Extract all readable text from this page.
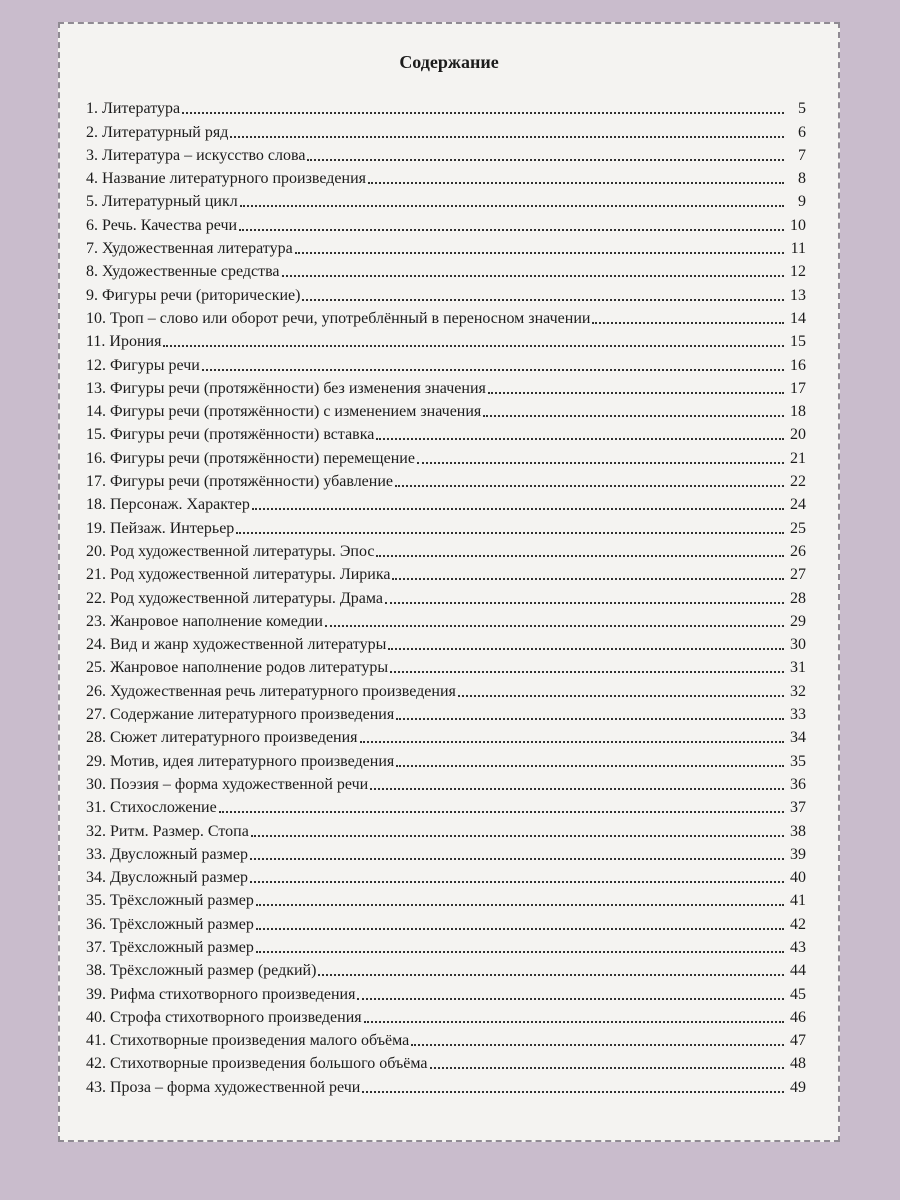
Содержание
1. Литература	5
2. Литературный ряд	6
3. Литература – искусство слова	7
4. Название литературного произведения	8
5. Литературный цикл	9
6. Речь. Качества речи	10
7. Художественная литература	11
8. Художественные средства	12
9. Фигуры речи (риторические)	13
10. Троп – слово или оборот речи, употреблённый в переносном значении	14
11. Ирония	15
12. Фигуры речи	16
13. Фигуры речи (протяжённости) без изменения значения	17
14. Фигуры речи (протяжённости) с изменением значения	18
15. Фигуры речи (протяжённости) вставка	20
16. Фигуры речи (протяжённости) перемещение	21
17. Фигуры речи (протяжённости) убавление	22
18. Персонаж. Характер	24
19. Пейзаж. Интерьер	25
20. Род художественной литературы. Эпос	26
21. Род художественной литературы. Лирика	27
22. Род художественной литературы. Драма	28
23. Жанровое наполнение комедии	29
24. Вид и жанр художественной литературы	30
25. Жанровое наполнение родов литературы	31
26. Художественная речь литературного произведения	32
27. Содержание литературного произведения	33
28. Сюжет литературного произведения	34
29. Мотив, идея литературного произведения	35
30. Поэзия – форма художественной речи	36
31. Стихосложение	37
32. Ритм. Размер. Стопа	38
33. Двусложный размер	39
34. Двусложный размер	40
35. Трёхсложный размер	41
36. Трёхсложный размер	42
37. Трёхсложный размер	43
38. Трёхсложный размер (редкий)	44
39. Рифма стихотворного произведения	45
40. Строфа стихотворного произведения	46
41. Стихотворные произведения малого объёма	47
42. Стихотворные произведения большого объёма	48
43. Проза – форма художественной речи	49
